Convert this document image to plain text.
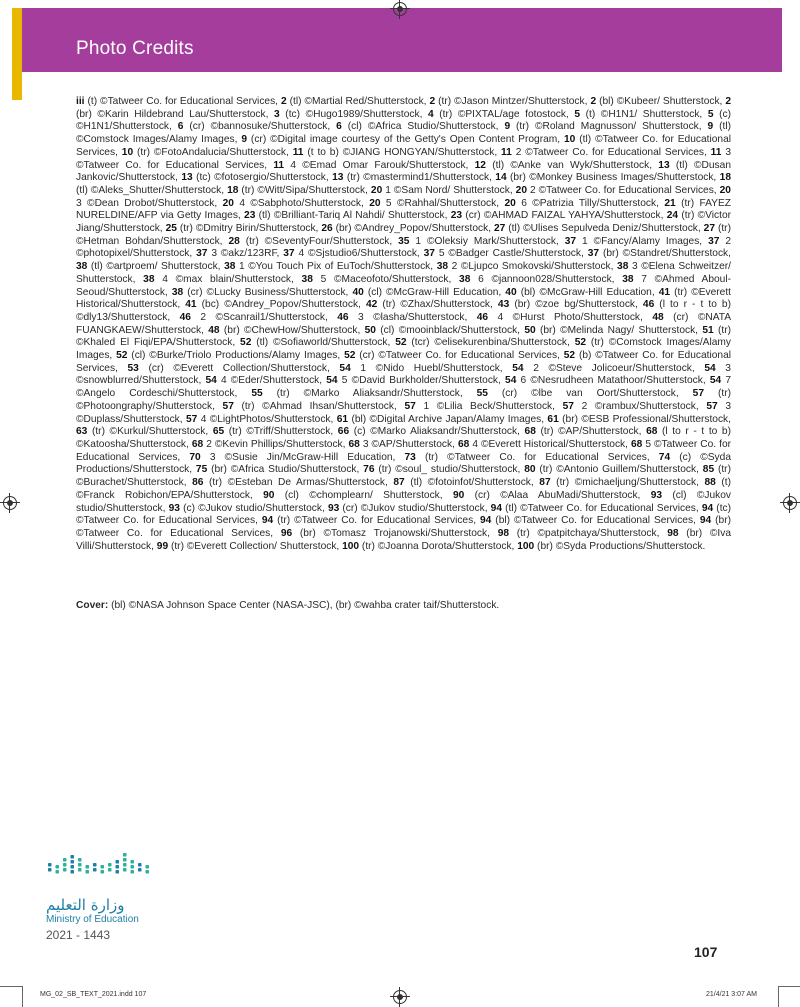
Photo Credits
iii (t) ©Tatweer Co. for Educational Services, 2 (tl) ©Martial Red/Shutterstock, 2 (tr) ©Jason Mintzer/Shutterstock, 2 (bl) ©Kubeer/ Shutterstock, 2 (br) ©Karin Hildebrand Lau/Shutterstock, 3 (tc) ©Hugo1989/Shutterstock, 4 (tr) ©PIXTAL/age fotostock, 5 (t) ©H1N1/ Shutterstock, 5 (c) ©H1N1/Shutterstock, 6 (cr) ©bannosuke/Shutterstock, 6 (cl) ©Africa Studio/Shutterstock, 9 (tr) ©Roland Magnusson/ Shutterstock, 9 (tl) ©Comstock Images/Alamy Images, 9 (cr) ©Digital image courtesy of the Getty's Open Content Program, 10 (tl) ©Tatweer Co. for Educational Services, 10 (tr) ©FotoAndalucia/Shutterstock, 11 (t to b) ©JIANG HONGYAN/Shutterstock, 11 2 ©Tatweer Co. for Educational Services, 11 3 ©Tatweer Co. for Educational Services, 11 4 ©Emad Omar Farouk/Shutterstock, 12 (tl) ©Anke van Wyk/Shutterstock, 13 (tl) ©Dusan Jankovic/Shutterstock, 13 (tc) ©fotosergio/Shutterstock, 13 (tr) ©mastermind1/Shutterstock, 14 (br) ©Monkey Business Images/Shutterstock, 18 (tl) ©Aleks_Shutter/Shutterstock, 18 (tr) ©Witt/Sipa/Shutterstock, 20 1 ©Sam Nord/ Shutterstock, 20 2 ©Tatweer Co. for Educational Services, 20 3 ©Dean Drobot/Shutterstock, 20 4 ©Sabphoto/Shutterstock, 20 5 ©Rahhal/Shutterstock, 20 6 ©Patrizia Tilly/Shutterstock, 21 (tr) FAYEZ NURELDINE/AFP via Getty Images, 23 (tl) ©Brilliant-Tariq Al Nahdi/ Shutterstock, 23 (cr) ©AHMAD FAIZAL YAHYA/Shutterstock, 24 (tr) ©Victor Jiang/Shutterstock, 25 (tr) ©Dmitry Birin/Shutterstock, 26 (br) ©Andrey_Popov/Shutterstock, 27 (tl) ©Ulises Sepulveda Deniz/Shutterstock, 27 (tr) ©Hetman Bohdan/Shutterstock, 28 (tr) ©SeventyFour/Shutterstock, 35 1 ©Oleksiy Mark/Shutterstock, 37 1 ©Fancy/Alamy Images, 37 2 ©photopixel/Shutterstock, 37 3 ©akz/123RF, 37 4 ©Sjstudio6/Shutterstock, 37 5 ©Badger Castle/Shutterstock, 37 (br) ©Standret/Shutterstock, 38 (tl) ©artproem/ Shutterstock, 38 1 ©You Touch Pix of EuToch/Shutterstock, 38 2 ©Ljupco Smokovski/Shutterstock, 38 3 ©Elena Schweitzer/ Shutterstock, 38 4 ©max blain/Shutterstock, 38 5 ©Maceofoto/Shutterstock, 38 6 ©jannoon028/Shutterstock, 38 7 ©Ahmed Aboul-Seoud/Shutterstock, 38 (cr) ©Lucky Business/Shutterstock, 40 (cl) ©McGraw-Hill Education, 40 (bl) ©McGraw-Hill Education, 41 (tr) ©Everett Historical/Shutterstock, 41 (bc) ©Andrey_Popov/Shutterstock, 42 (tr) ©Zhax/Shutterstock, 43 (br) ©zoe bg/Shutterstock, 46 (l to r - t to b) ©dly13/Shutterstock, 46 2 ©Scanrail1/Shutterstock, 46 3 ©lasha/Shutterstock, 46 4 ©Hurst Photo/Shutterstock, 48 (cr) ©NATA FUANGKAEW/Shutterstock, 48 (br) ©ChewHow/Shutterstock, 50 (cl) ©mooinblack/Shutterstock, 50 (br) ©Melinda Nagy/ Shutterstock, 51 (tr) ©Khaled El Fiqi/EPA/Shutterstock, 52 (tl) ©Sofiaworld/Shutterstock, 52 (tcr) ©elisekurenbina/Shutterstock, 52 (tr) ©Comstock Images/Alamy Images, 52 (cl) ©Burke/Triolo Productions/Alamy Images, 52 (cr) ©Tatweer Co. for Educational Services, 52 (b) ©Tatweer Co. for Educational Services, 53 (cr) ©Everett Collection/Shutterstock, 54 1 ©Nido Huebl/Shutterstock, 54 2 ©Steve Jolicoeur/Shutterstock, 54 3 ©snowblurred/Shutterstock, 54 4 ©Eder/Shutterstock, 54 5 ©David Burkholder/Shutterstock, 54 6 ©Nesrudheen Matathoor/Shutterstock, 54 7 ©Angelo Cordeschi/Shutterstock, 55 (tr) ©Marko Aliaksandr/Shutterstock, 55 (cr) ©lbe van Oort/Shutterstock, 57 (tr) ©Photoongraphy/Shutterstock, 57 (tr) ©Ahmad Ihsan/Shutterstock, 57 1 ©Lilia Beck/Shutterstock, 57 2 ©rambux/Shutterstock, 57 3 ©Duplass/Shutterstock, 57 4 ©LightPhotos/Shutterstock, 61 (bl) ©Digital Archive Japan/Alamy Images, 61 (br) ©ESB Professional/Shutterstock, 63 (tr) ©Kurkul/Shutterstock, 65 (tr) ©Triff/Shutterstock, 66 (c) ©Marko Aliaksandr/Shutterstock, 68 (tr) ©AP/Shutterstock, 68 (l to r - t to b) ©Katoosha/Shutterstock, 68 2 ©Kevin Phillips/Shutterstock, 68 3 ©AP/Shutterstock, 68 4 ©Everett Historical/Shutterstock, 68 5 ©Tatweer Co. for Educational Services, 70 3 ©Susie Jin/McGraw-Hill Education, 73 (tr) ©Tatweer Co. for Educational Services, 74 (c) ©Syda Productions/Shutterstock, 75 (br) ©Africa Studio/Shutterstock, 76 (tr) ©soul_ studio/Shutterstock, 80 (tr) ©Antonio Guillem/Shutterstock, 85 (tr) ©Burachet/Shutterstock, 86 (tr) ©Esteban De Armas/Shutterstock, 87 (tl) ©fotoinfot/Shutterstock, 87 (tr) ©michaeljung/Shutterstock, 88 (t) ©Franck Robichon/EPA/Shutterstock, 90 (cl) ©chomplearn/ Shutterstock, 90 (cr) ©Alaa AbuMadi/Shutterstock, 93 (cl) ©Jukov studio/Shutterstock, 93 (c) ©Jukov studio/Shutterstock, 93 (cr) ©Jukov studio/Shutterstock, 94 (tl) ©Tatweer Co. for Educational Services, 94 (tc) ©Tatweer Co. for Educational Services, 94 (tr) ©Tatweer Co. for Educational Services, 94 (bl) ©Tatweer Co. for Educational Services, 94 (br) ©Tatweer Co. for Educational Services, 96 (br) ©Tomasz Trojanowski/Shutterstock, 98 (tr) ©patpitchaya/Shutterstock, 98 (br) ©Iva Villi/Shutterstock, 99 (tr) ©Everett Collection/ Shutterstock, 100 (tr) ©Joanna Dorota/Shutterstock, 100 (br) ©Syda Productions/Shutterstock.
Cover: (bl) ©NASA Johnson Space Center (NASA-JSC), (br) ©wahba crater taif/Shutterstock.
وزارة التعليم
Ministry of Education
2021 - 1443
107
MG_02_SB_TEXT_2021.indd 107	21/4/21 3:07 AM
